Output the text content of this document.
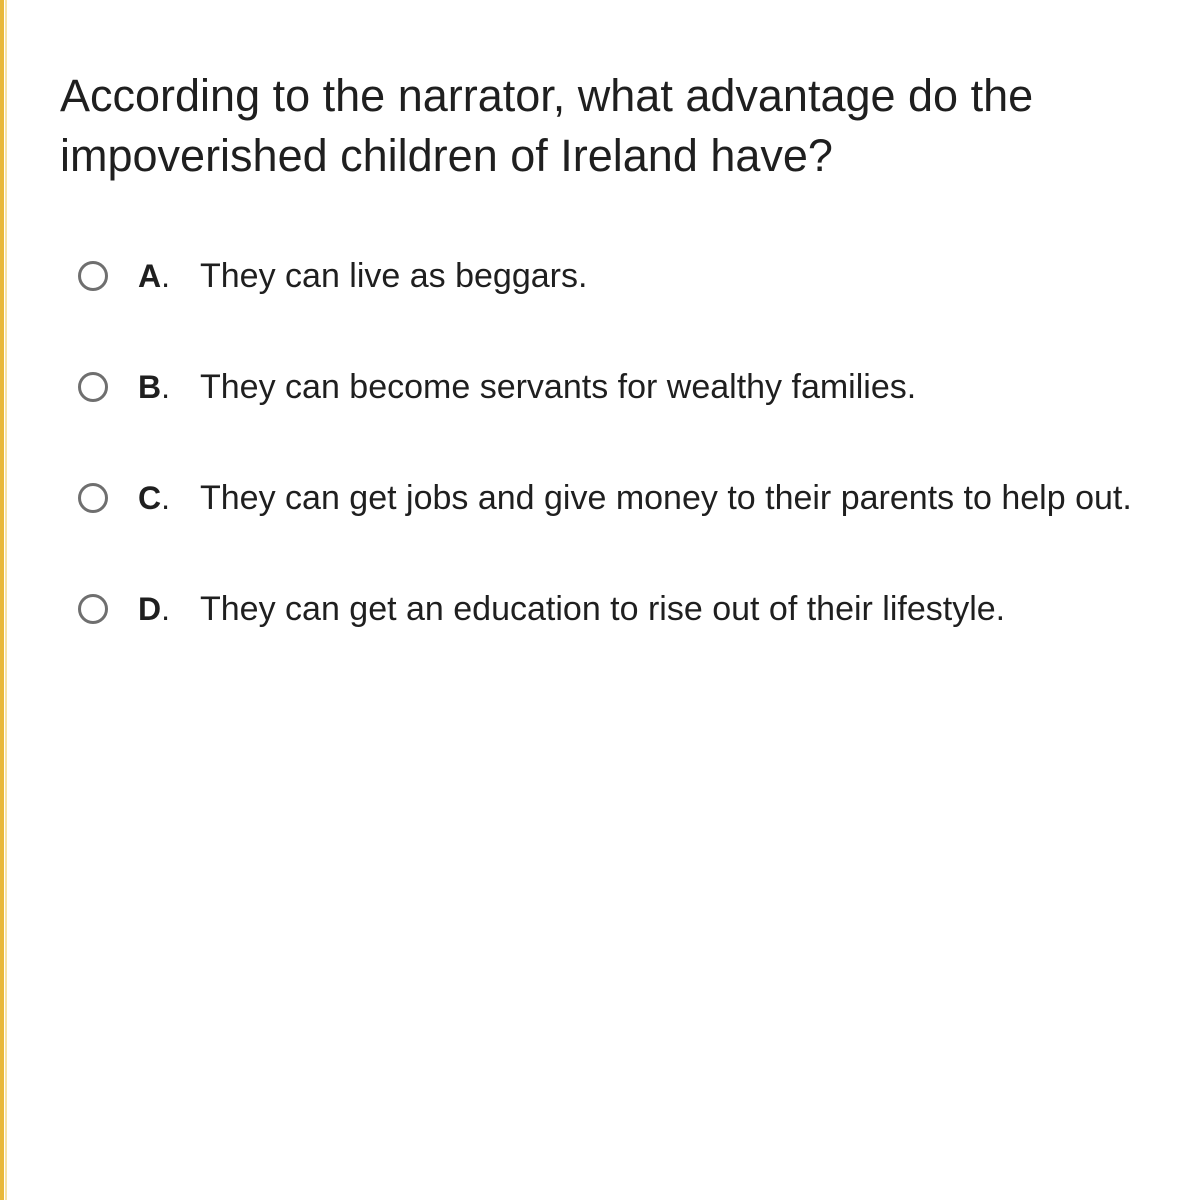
According to the narrator, what advantage do the impoverished children of Ireland have?
A. They can live as beggars.
B. They can become servants for wealthy families.
C. They can get jobs and give money to their parents to help out.
D. They can get an education to rise out of their lifestyle.
